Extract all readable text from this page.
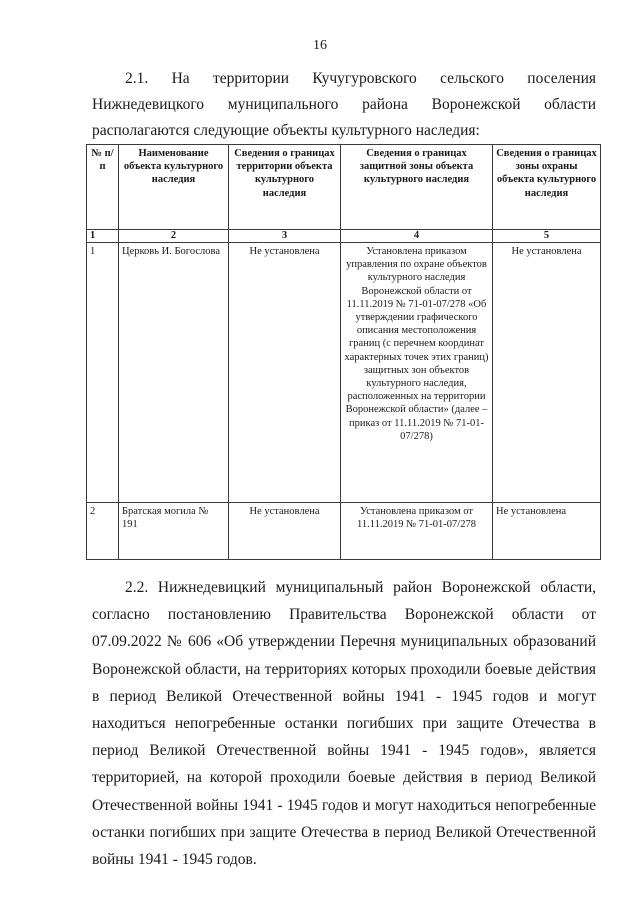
16

2.1. На территории Кучугуровского сельского поселения Нижнедевицкого муниципального района Воронежской области располагаются следующие объекты культурного наследия:

№ п/п	Наименование объекта культурного наследия	Сведения о границах территории объекта культурного наследия	Сведения о границах защитной зоны объекта культурного наследия	Сведения о границах зоны охраны объекта культурного наследия
1	2	3	4	5
1	Церковь И. Богослова	Не установлена	Установлена приказом управления по охране объектов культурного наследия Воронежской области от 11.11.2019 № 71-01-07/278 «Об утверждении графического описания местоположения границ (с перечнем координат характерных точек этих границ) защитных зон объектов культурного наследия, расположенных на территории Воронежской области» (далее – приказ от 11.11.2019 № 71-01-07/278)	Не установлена
2	Братская могила № 191	Не установлена	Установлена приказом от 11.11.2019 № 71-01-07/278	Не установлена

2.2. Нижнедевицкий муниципальный район Воронежской области, согласно постановлению Правительства Воронежской области от 07.09.2022 № 606 «Об утверждении Перечня муниципальных образований Воронежской области, на территориях которых проходили боевые действия в период Великой Отечественной войны 1941 - 1945 годов и могут находиться непогребенные останки погибших при защите Отечества в период Великой Отечественной войны 1941 - 1945 годов», является территорией, на которой проходили боевые действия в период Великой Отечественной войны 1941 - 1945 годов и могут находиться непогребенные останки погибших при защите Отечества в период Великой Отечественной войны 1941 - 1945 годов.
